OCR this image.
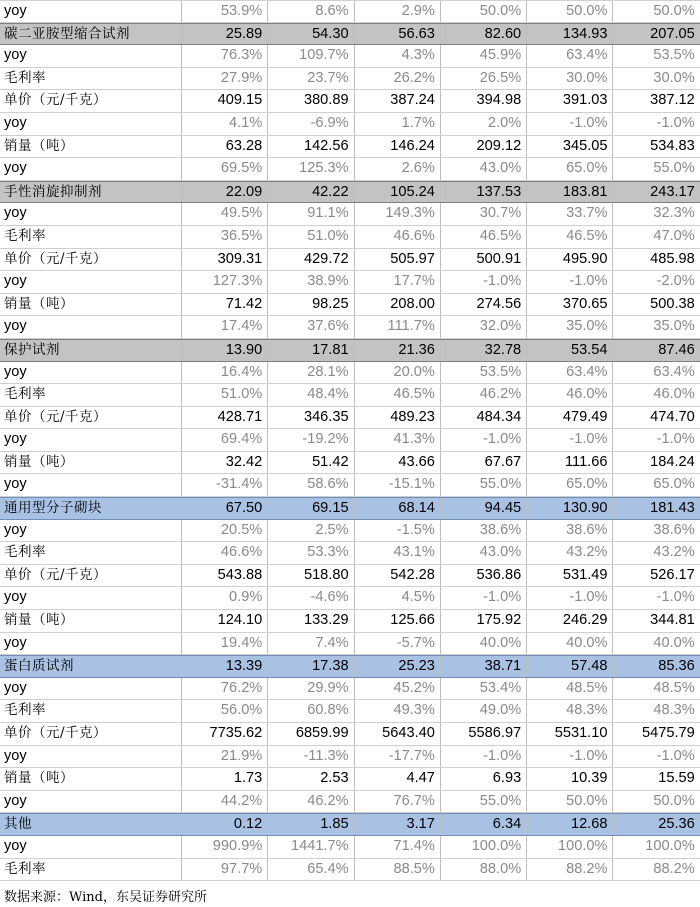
yoy	53.9%	8.6%	2.9%	50.0%	50.0%	50.0%
碳二亚胺型缩合试剂	25.89	54.30	56.63	82.60	134.93	207.05
yoy	76.3%	109.7%	4.3%	45.9%	63.4%	53.5%
毛利率	27.9%	23.7%	26.2%	26.5%	30.0%	30.0%
单价（元/千克）	409.15	380.89	387.24	394.98	391.03	387.12
yoy	4.1%	-6.9%	1.7%	2.0%	-1.0%	-1.0%
销量（吨）	63.28	142.56	146.24	209.12	345.05	534.83
yoy	69.5%	125.3%	2.6%	43.0%	65.0%	55.0%
手性消旋抑制剂	22.09	42.22	105.24	137.53	183.81	243.17
yoy	49.5%	91.1%	149.3%	30.7%	33.7%	32.3%
毛利率	36.5%	51.0%	46.6%	46.5%	46.5%	47.0%
单价（元/千克）	309.31	429.72	505.97	500.91	495.90	485.98
yoy	127.3%	38.9%	17.7%	-1.0%	-1.0%	-2.0%
销量（吨）	71.42	98.25	208.00	274.56	370.65	500.38
yoy	17.4%	37.6%	111.7%	32.0%	35.0%	35.0%
保护试剂	13.90	17.81	21.36	32.78	53.54	87.46
yoy	16.4%	28.1%	20.0%	53.5%	63.4%	63.4%
毛利率	51.0%	48.4%	46.5%	46.2%	46.0%	46.0%
单价（元/千克）	428.71	346.35	489.23	484.34	479.49	474.70
yoy	69.4%	-19.2%	41.3%	-1.0%	-1.0%	-1.0%
销量（吨）	32.42	51.42	43.66	67.67	111.66	184.24
yoy	-31.4%	58.6%	-15.1%	55.0%	65.0%	65.0%
通用型分子砌块	67.50	69.15	68.14	94.45	130.90	181.43
yoy	20.5%	2.5%	-1.5%	38.6%	38.6%	38.6%
毛利率	46.6%	53.3%	43.1%	43.0%	43.2%	43.2%
单价（元/千克）	543.88	518.80	542.28	536.86	531.49	526.17
yoy	0.9%	-4.6%	4.5%	-1.0%	-1.0%	-1.0%
销量（吨）	124.10	133.29	125.66	175.92	246.29	344.81
yoy	19.4%	7.4%	-5.7%	40.0%	40.0%	40.0%
蛋白质试剂	13.39	17.38	25.23	38.71	57.48	85.36
yoy	76.2%	29.9%	45.2%	53.4%	48.5%	48.5%
毛利率	56.0%	60.8%	49.3%	49.0%	48.3%	48.3%
单价（元/千克）	7735.62	6859.99	5643.40	5586.97	5531.10	5475.79
yoy	21.9%	-11.3%	-17.7%	-1.0%	-1.0%	-1.0%
销量（吨）	1.73	2.53	4.47	6.93	10.39	15.59
yoy	44.2%	46.2%	76.7%	55.0%	50.0%	50.0%
其他	0.12	1.85	3.17	6.34	12.68	25.36
yoy	990.9%	1441.7%	71.4%	100.0%	100.0%	100.0%
毛利率	97.7%	65.4%	88.5%	88.0%	88.2%	88.2%
数据来源：Wind，东吴证券研究所
